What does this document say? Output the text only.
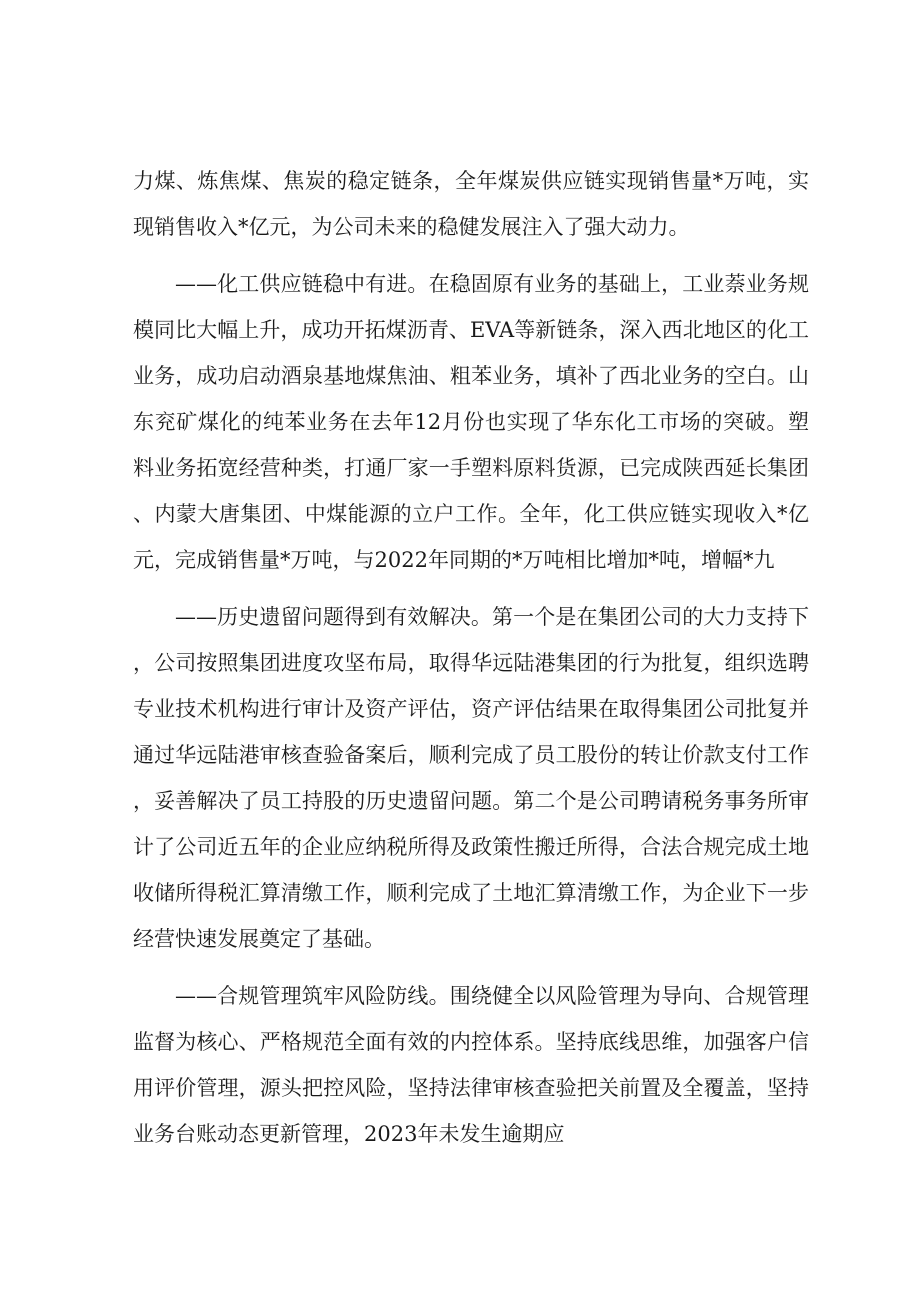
力煤、炼焦煤、焦炭的稳定链条，全年煤炭供应链实现销售量*万吨，实现销售收入*亿元，为公司未来的稳健发展注入了强大动力。

——化工供应链稳中有进。在稳固原有业务的基础上，工业萘业务规模同比大幅上升，成功开拓煤沥青、EVA等新链条，深入西北地区的化工业务，成功启动酒泉基地煤焦油、粗苯业务，填补了西北业务的空白。山东兖矿煤化的纯苯业务在去年12月份也实现了华东化工市场的突破。塑料业务拓宽经营种类，打通厂家一手塑料原料货源，已完成陕西延长集团、内蒙大唐集团、中煤能源的立户工作。全年，化工供应链实现收入*亿元，完成销售量*万吨，与2022年同期的*万吨相比增加*吨，增幅*九

——历史遗留问题得到有效解决。第一个是在集团公司的大力支持下，公司按照集团进度攻坚布局，取得华远陆港集团的行为批复，组织选聘专业技术机构进行审计及资产评估，资产评估结果在取得集团公司批复并通过华远陆港审核查验备案后，顺利完成了员工股份的转让价款支付工作，妥善解决了员工持股的历史遗留问题。第二个是公司聘请税务事务所审计了公司近五年的企业应纳税所得及政策性搬迁所得，合法合规完成土地收储所得税汇算清缴工作，顺利完成了土地汇算清缴工作，为企业下一步经营快速发展奠定了基础。

——合规管理筑牢风险防线。围绕健全以风险管理为导向、合规管理监督为核心、严格规范全面有效的内控体系。坚持底线思维，加强客户信用评价管理，源头把控风险，坚持法律审核查验把关前置及全覆盖，坚持业务台账动态更新管理，2023年未发生逾期应
